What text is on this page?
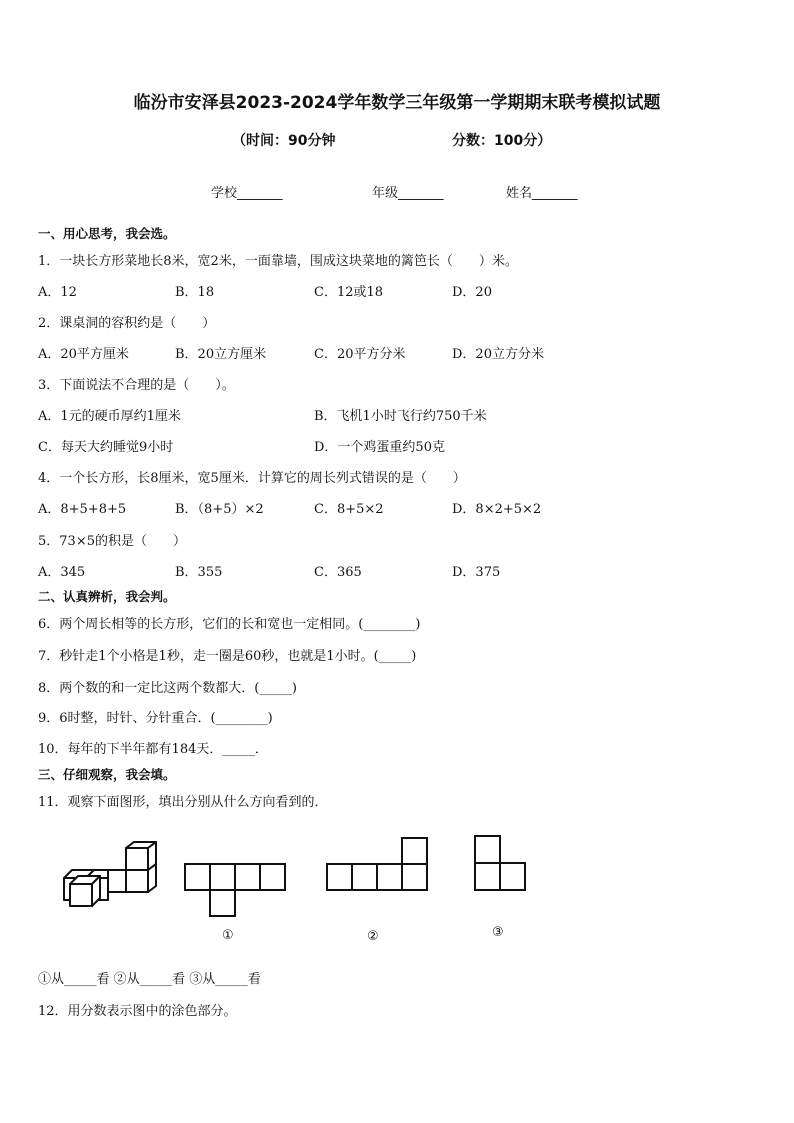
临汾市安泽县2023-2024学年数学三年级第一学期期末联考模拟试题
（时间：90分钟	分数：100分）
学校_______	年级_______	姓名_______
一、用心思考，我会选。
1．一块长方形菜地长8米，宽2米，一面靠墙，围成这块菜地的篱笆长（　　）米。
A．12	B．18	C．12或18	D．20
2．课桌洞的容积约是（　　）
A．20平方厘米	B．20立方厘米	C．20平方分米	D．20立方分米
3．下面说法不合理的是（　　）。
A．1元的硬币厚约1厘米	B．飞机1小时飞行约750千米
C．每天大约睡觉9小时	D．一个鸡蛋重约50克
4．一个长方形，长8厘米，宽5厘米．计算它的周长列式错误的是（　　）
A．8+5+8+5	B．（8+5）×2	C．8+5×2	D．8×2+5×2
5．73×5的积是（　　）
A．345	B．355	C．365	D．375
二、认真辨析，我会判。
6．两个周长相等的长方形，它们的长和宽也一定相同。(________)
7．秒针走1个小格是1秒，走一圈是60秒，也就是1小时。(_____)
8．两个数的和一定比这两个数都大．(_____)
9．6时整，时针、分针重合．(________)
10．每年的下半年都有184天．_____．
三、仔细观察，我会填。
11．观察下面图形，填出分别从什么方向看到的．
①	②	③
①从_____看 ②从_____看 ③从_____看
12．用分数表示图中的涂色部分。
